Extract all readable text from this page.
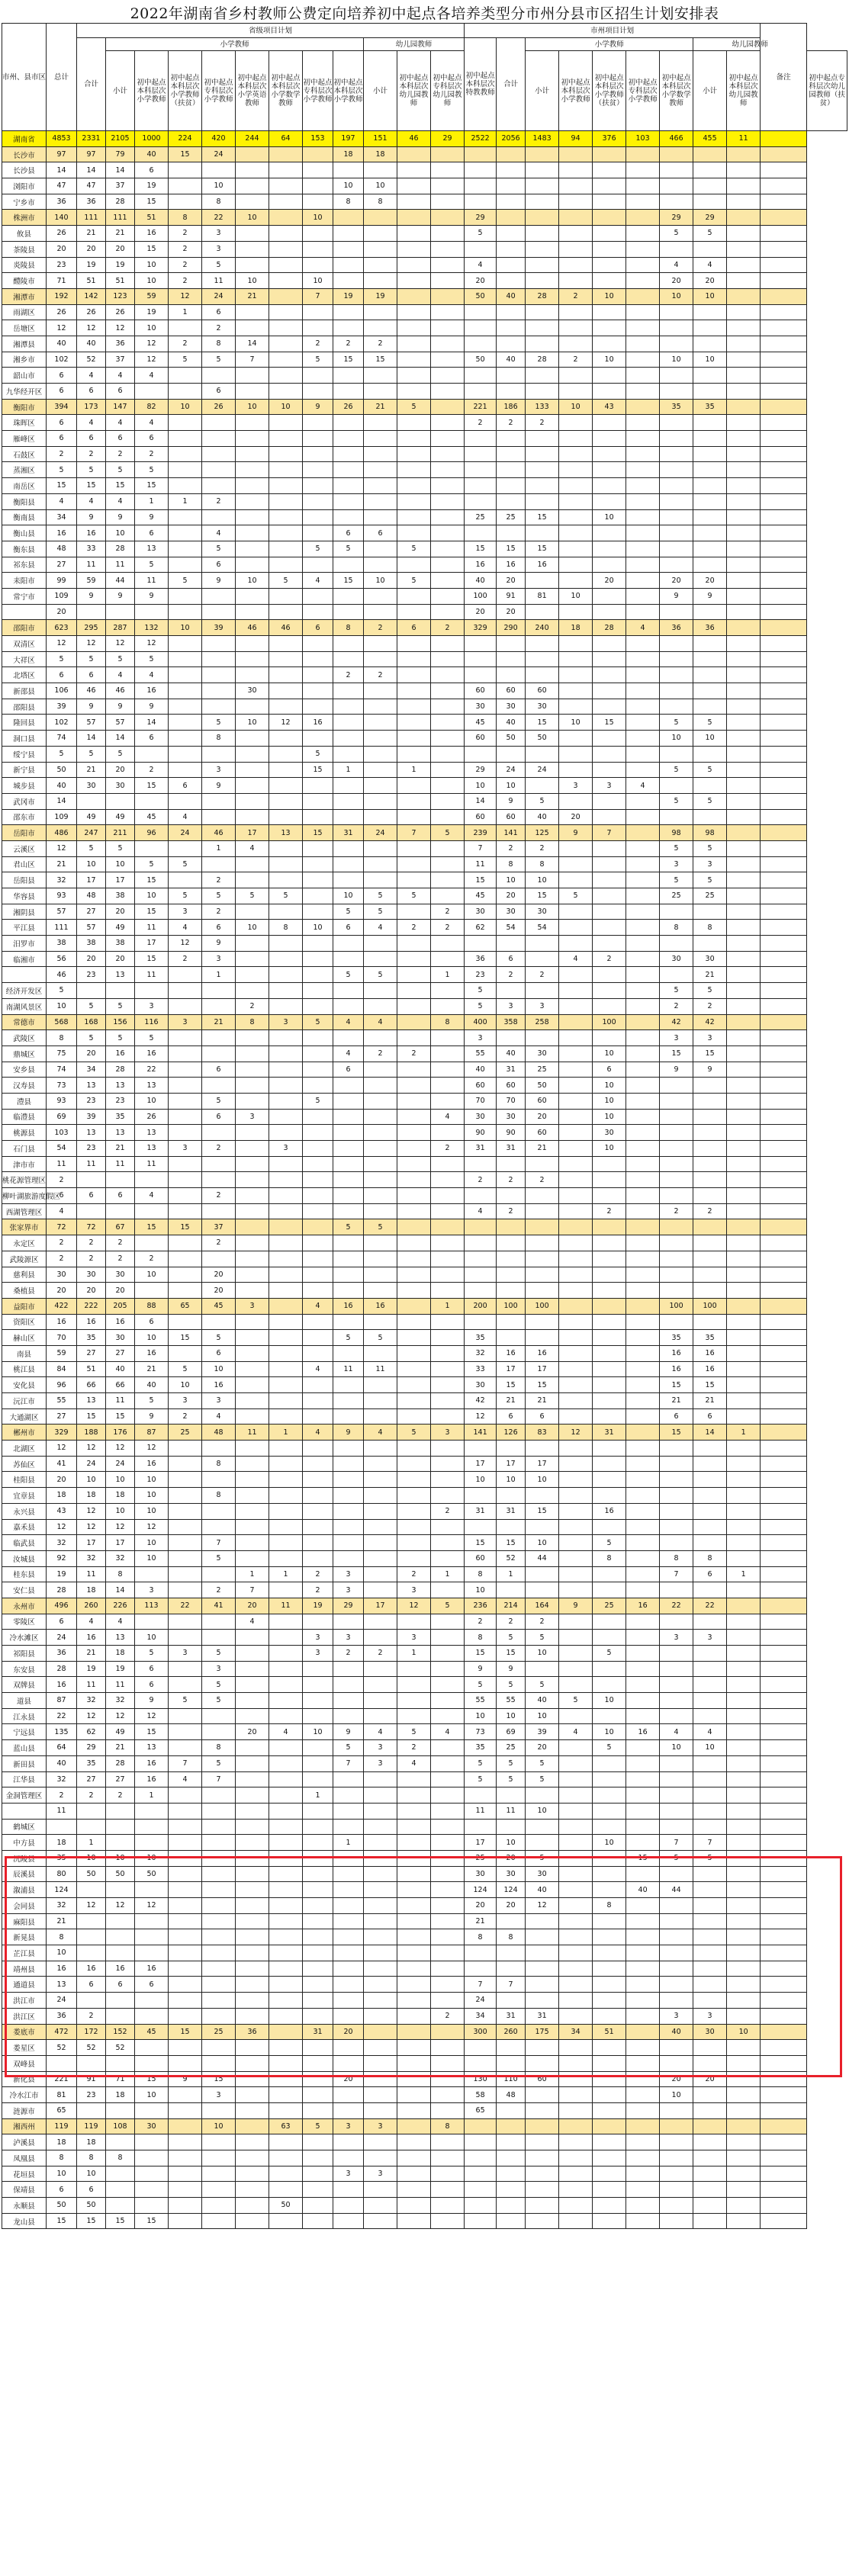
2022年湖南省乡村教师公费定向培养初中起点各培养类型分市州分县市区招生计划安排表
市州、县市区	总计	省级项目计划												市州项目计划									备注	
		合计	小学教师								幼儿园教师			初中起点本科层次特教教师	合计	小学教师					幼儿园教师			
			小计	初中起点本科层次小学教师	初中起点本科层次小学教师（扶贫）	初中起点专科层次小学教师	初中起点本科层次小学英语教师	初中起点本科层次小学数学教师	初中起点专科层次小学教师	初中起点本科层次小学教师	小计	初中起点本科层次幼儿园教师	初中起点专科层次幼儿园教师			小计	初中起点本科层次小学教师	初中起点本科层次小学教师（扶贫）	初中起点专科层次小学教师	初中起点本科层次小学数学教师	小计	初中起点本科层次幼儿园教师		初中起点专科层次幼儿园教师（扶贫）
湖南省	4853	2331	2105	1000	224	420	244	64	153	197	151	46	29	2522	2056	1483	94	376	103	466	455	11		
长沙市	97	97	79	40	15	24				18	18													
长沙县	14	14	14	6																				
浏阳市	47	47	37	19		10				10	10													
宁乡市	36	36	28	15		8				8	8													
株洲市	140	111	111	51	8	22	10		10					29						29	29			
攸县	26	21	21	16	2	3								5						5	5			
茶陵县	20	20	20	15	2	3																		
炎陵县	23	19	19	10	2	5								4						4	4			
醴陵市	71	51	51	10	2	11	10		10					20						20	20			
湘潭市	192	142	123	59	12	24	21		7	19	19			50	40	28	2	10		10	10			
雨湖区	26	26	26	19	1	6																		
岳塘区	12	12	12	10		2																		
湘潭县	40	40	36	12	2	8	14		2	2	2													
湘乡市	102	52	37	12	5	5	7		5	15	15			50	40	28	2	10		10	10			
韶山市	6	4	4	4																				
九华经开区	6	6	6			6																		
衡阳市	394	173	147	82	10	26	10	10	9	26	21	5		221	186	133	10	43		35	35			
珠晖区	6	4	4	4										2	2	2								
雁峰区	6	6	6	6																				
石鼓区	2	2	2	2																				
蒸湘区	5	5	5	5																				
南岳区	15	15	15	15																				
衡阳县	4	4	4	1	1	2																		
衡南县	34	9	9	9										25	25	15		10						
衡山县	16	16	10	6		4				6	6													
衡东县	48	33	28	13		5			5	5		5		15	15	15								
祁东县	27	11	11	5		6								16	16	16								
耒阳市	99	59	44	11	5	9	10	5	4	15	10	5		40	20			20		20	20			
常宁市	109	9	9	9										100	91	81	10			9	9			
	20													20	20									
邵阳市	623	295	287	132	10	39	46	46	6	8	2	6	2	329	290	240	18	28	4	36	36			
双清区	12	12	12	12																				
大祥区	5	5	5	5																				
北塔区	6	6	4	4						2	2													
新邵县	106	46	46	16			30							60	60	60								
邵阳县	39	9	9	9										30	30	30								
隆回县	102	57	57	14		5	10	12	16					45	40	15	10	15		5	5			
洞口县	74	14	14	6		8								60	50	50				10	10			
绥宁县	5	5	5						5															
新宁县	50	21	20	2		3			15	1		1		29	24	24				5	5			
城步县	40	30	30	15	6	9								10	10		3	3	4					
武冈市	14													14	9	5				5	5			
邵东市	109	49	49	45	4									60	60	40	20							
岳阳市	486	247	211	96	24	46	17	13	15	31	24	7	5	239	141	125	9	7		98	98			
云溪区	12	5	5			1	4							7	2	2				5	5			
君山区	21	10	10	5	5									11	8	8				3	3			
岳阳县	32	17	17	15		2								15	10	10				5	5			
华容县	93	48	38	10	5	5	5	5		10	5	5		45	20	15	5			25	25			
湘阴县	57	27	20	15	3	2				5	5		2	30	30	30								
平江县	111	57	49	11	4	6	10	8	10	6	4	2	2	62	54	54				8	8			
汨罗市	38	38	38	17	12	9																		
临湘市	56	20	20	15	2	3								36	6		4	2		30	30			
	46	23	13	11		1				5	5		1	23	2	2					21			
经济开发区	5													5						5	5			
南湖风景区	10	5	5	3			2							5	3	3				2	2			
常德市	568	168	156	116	3	21	8	3	5	4	4		8	400	358	258		100		42	42			
武陵区	8	5	5	5										3						3	3			
鼎城区	75	20	16	16						4	2	2		55	40	30		10		15	15			
安乡县	74	34	28	22		6				6				40	31	25		6		9	9			
汉寿县	73	13	13	13										60	60	50		10						
澧县	93	23	23	10		5			5					70	70	60		10						
临澧县	69	39	35	26		6	3						4	30	30	20		10						
桃源县	103	13	13	13										90	90	60		30						
石门县	54	23	21	13	3	2		3					2	31	31	21		10						
津市市	11	11	11	11																				
桃花源管理区	2													2	2	2								
柳叶湖旅游度假区	6	6	6	4		2																		
西湖管理区	4													4	2			2		2	2			
张家界市	72	72	67	15	15	37				5	5													
永定区	2	2	2			2																		
武陵源区	2	2	2	2																				
慈利县	30	30	30	10		20																		
桑植县	20	20	20			20																		
益阳市	422	222	205	88	65	45	3		4	16	16		1	200	100	100				100	100			
资阳区	16	16	16	6																				
赫山区	70	35	30	10	15	5				5	5			35						35	35			
南县	59	27	27	16		6								32	16	16				16	16			
桃江县	84	51	40	21	5	10			4	11	11			33	17	17				16	16			
安化县	96	66	66	40	10	16								30	15	15				15	15			
沅江市	55	13	11	5	3	3								42	21	21				21	21			
大通湖区	27	15	15	9	2	4								12	6	6				6	6			
郴州市	329	188	176	87	25	48	11	1	4	9	4	5	3	141	126	83	12	31		15	14	1		
北湖区	12	12	12	12																				
苏仙区	41	24	24	16		8								17	17	17								
桂阳县	20	10	10	10										10	10	10								
宜章县	18	18	18	10		8																		
永兴县	43	12	10	10									2	31	31	15		16						
嘉禾县	12	12	12	12																				
临武县	32	17	17	10		7								15	15	10		5						
汝城县	92	32	32	10		5								60	52	44		8		8	8			
桂东县	19	11	8				1	1	2	3		2	1	8	1					7	6	1		
安仁县	28	18	14	3		2	7		2	3		3		10										
永州市	496	260	226	113	22	41	20	11	19	29	17	12	5	236	214	164	9	25	16	22	22			
零陵区	6	4	4				4							2	2	2								
冷水滩区	24	16	13	10					3	3		3		8	5	5				3	3			
祁阳县	36	21	18	5	3	5			3	2	2	1		15	15	10		5						
东安县	28	19	19	6		3								9	9									
双牌县	16	11	11	6		5								5	5	5								
道县	87	32	32	9	5	5								55	55	40	5	10						
江永县	22	12	12	12										10	10	10								
宁远县	135	62	49	15			20	4	10	9	4	5	4	73	69	39	4	10	16	4	4			
蓝山县	64	29	21	13		8				5	3	2		35	25	20		5		10	10			
新田县	40	35	28	16	7	5				7	3	4		5	5	5								
江华县	32	27	27	16	4	7								5	5	5								
金洞管理区	2	2	2	1					1															
	11													11	11	10								
鹤城区																								
中方县	18	1								1				17	10			10		7	7			
沅陵县	35	10	10	10										25	20	5			15	5	5			
辰溪县	80	50	50	50										30	30	30								
溆浦县	124													124	124	40			40	44				
会同县	32	12	12	12										20	20	12		8						
麻阳县	21													21										
新晃县	8													8	8									
芷江县	10																							
靖州县	16	16	16	16																				
通道县	13	6	6	6										7	7									
洪江市	24													24										
洪江区	36	2											2	34	31	31				3	3			
娄底市	472	172	152	45	15	25	36		31	20				300	260	175	34	51		40	30	10		
娄星区	52	52	52																					
双峰县																								
新化县	221	91	71	15	9	15				20				130	110	60				20	20			
冷水江市	81	23	18	10		3								58	48					10				
涟源市	65													65										
湘西州	119	119	108	30		10		63	5	3	3		8											
泸溪县	18	18																						
凤凰县	8	8	8																					
花垣县	10	10								3	3													
保靖县	6	6																						
永顺县	50	50						50																
龙山县	15	15	15	15																				
